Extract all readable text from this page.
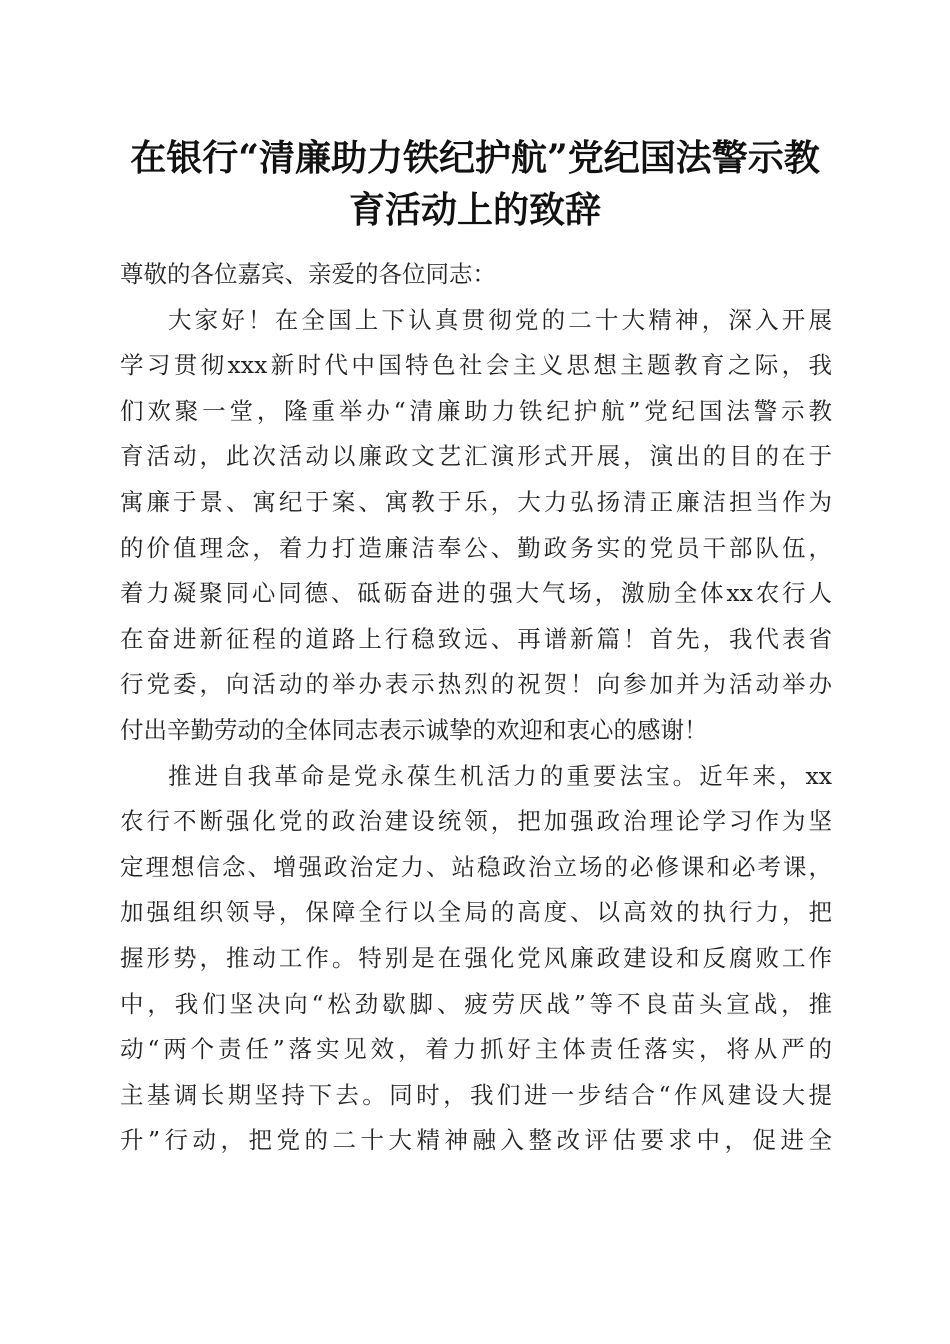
在银行“清廉助力铁纪护航”党纪国法警示教
育活动上的致辞
尊敬的各位嘉宾、亲爱的各位同志：
大家好！在全国上下认真贯彻党的二十大精神，深入开展
学习贯彻xxx新时代中国特色社会主义思想主题教育之际，我
们欢聚一堂，隆重举办“清廉助力铁纪护航”党纪国法警示教
育活动，此次活动以廉政文艺汇演形式开展，演出的目的在于
寓廉于景、寓纪于案、寓教于乐，大力弘扬清正廉洁担当作为
的价值理念，着力打造廉洁奉公、勤政务实的党员干部队伍，
着力凝聚同心同德、砥砺奋进的强大气场，激励全体xx农行人
在奋进新征程的道路上行稳致远、再谱新篇！首先，我代表省
行党委，向活动的举办表示热烈的祝贺！向参加并为活动举办
付出辛勤劳动的全体同志表示诚挚的欢迎和衷心的感谢！
推进自我革命是党永葆生机活力的重要法宝。近年来，xx
农行不断强化党的政治建设统领，把加强政治理论学习作为坚
定理想信念、增强政治定力、站稳政治立场的必修课和必考课，
加强组织领导，保障全行以全局的高度、以高效的执行力，把
握形势，推动工作。特别是在强化党风廉政建设和反腐败工作
中，我们坚决向“松劲歇脚、疲劳厌战”等不良苗头宣战，推
动“两个责任”落实见效，着力抓好主体责任落实，将从严的
主基调长期坚持下去。同时，我们进一步结合“作风建设大提
升”行动，把党的二十大精神融入整改评估要求中，促进全
